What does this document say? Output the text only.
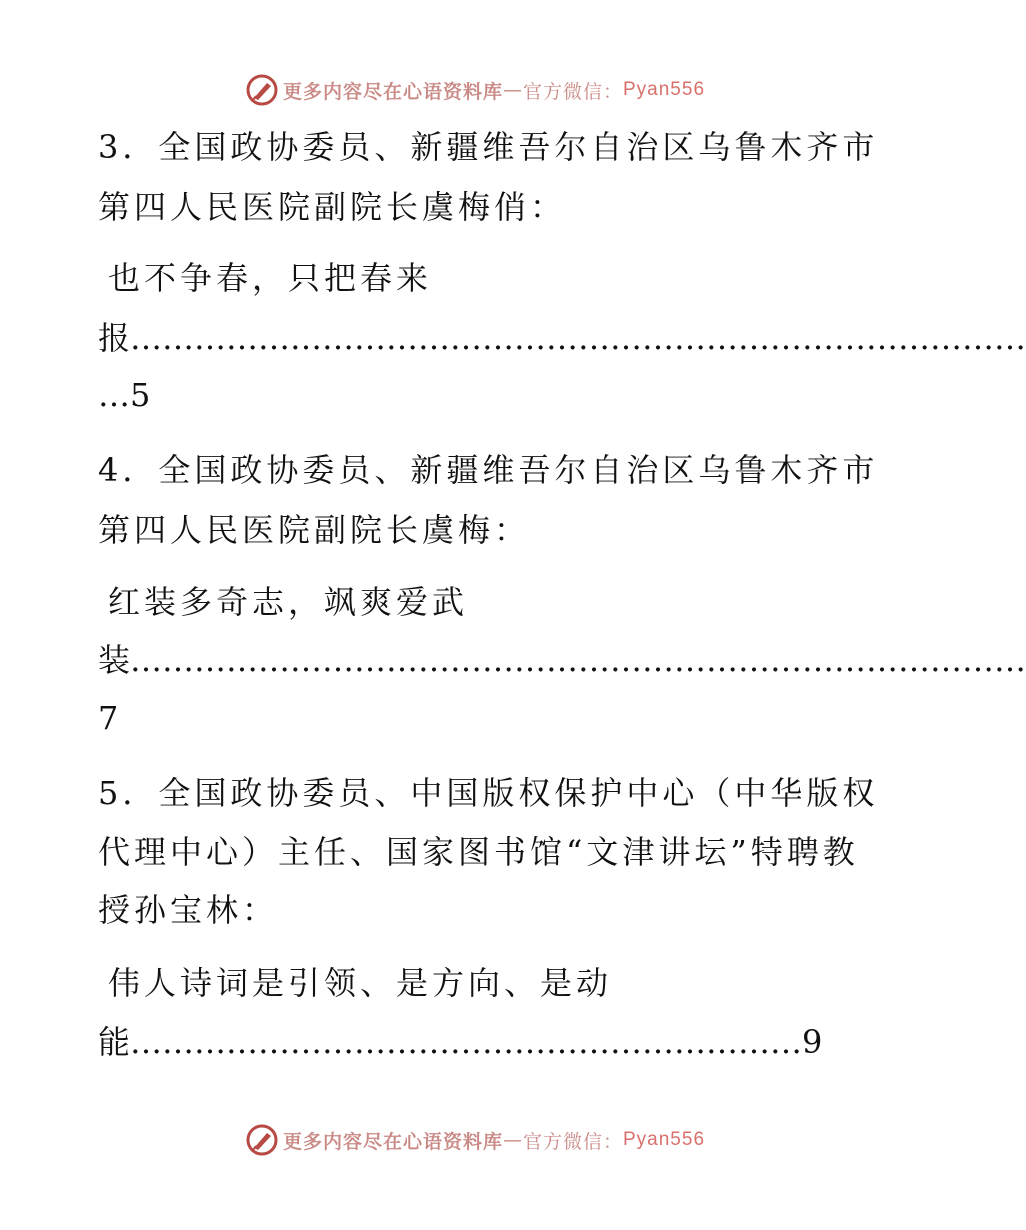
更多内容尽在心语资料库 — 官方微信： Pyan556
3．全国政协委员、新疆维吾尔自治区乌鲁木齐市
第四人民医院副院长虞梅俏：
也不争春，只把春来
报…………………………………………………………………………
…5
4．全国政协委员、新疆维吾尔自治区乌鲁木齐市
第四人民医院副院长虞梅：
红装多奇志，飒爽爱武
装…………………………………………………………………………
7
5．全国政协委员、中国版权保护中心（中华版权
代理中心）主任、国家图书馆“文津讲坛”特聘教
授孙宝林：
伟人诗词是引领、是方向、是动
能………………………………………………………9
更多内容尽在心语资料库 — 官方微信： Pyan556
